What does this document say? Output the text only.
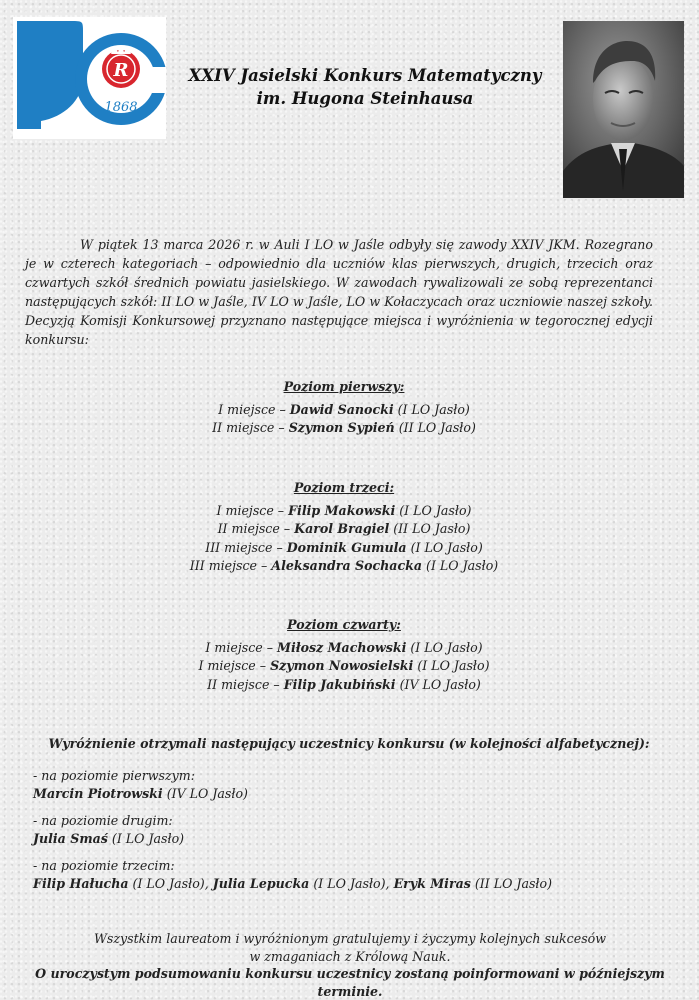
R
1868
XXIV Jasielski Konkurs Matematyczny
im. Hugona Steinhausa

W piątek 13 marca 2026 r. w Auli I LO w Jaśle odbyły się zawody XXIV JKM. Rozegrano je w czterech kategoriach – odpowiednio dla uczniów klas pierwszych, drugich, trzecich oraz czwartych szkół średnich powiatu jasielskiego. W zawodach rywalizowali ze sobą reprezentanci następujących szkół: II LO w Jaśle, IV LO w Jaśle, LO w Kołaczycach oraz uczniowie naszej szkoły. Decyzją Komisji Konkursowej przyznano następujące miejsca i wyróżnienia w tegorocznej edycji konkursu:

Poziom pierwszy:
I miejsce – Dawid Sanocki (I LO Jasło)
II miejsce – Szymon Sypień (II LO Jasło)
Poziom trzeci:
I miejsce – Filip Makowski (I LO Jasło)
II miejsce – Karol Bragiel (II LO Jasło)
III miejsce – Dominik Gumula (I LO Jasło)
III miejsce – Aleksandra Sochacka (I LO Jasło)
Poziom czwarty:
I miejsce – Miłosz Machowski (I LO Jasło)
I miejsce – Szymon Nowosielski (I LO Jasło)
II miejsce – Filip Jakubiński (IV LO Jasło)
Wyróżnienie otrzymali następujący uczestnicy konkursu (w kolejności alfabetycznej):
- na poziomie pierwszym:
Marcin Piotrowski (IV LO Jasło)
- na poziomie drugim:
Julia Smaś (I LO Jasło)
- na poziomie trzecim:
Filip Hałucha (I LO Jasło), Julia Lepucka (I LO Jasło), Eryk Miras (II LO Jasło)
Wszystkim laureatom i wyróżnionym gratulujemy i życzymy kolejnych sukcesów
w zmaganiach z Królową Nauk.
O uroczystym podsumowaniu konkursu uczestnicy zostaną poinformowani w późniejszym terminie.
